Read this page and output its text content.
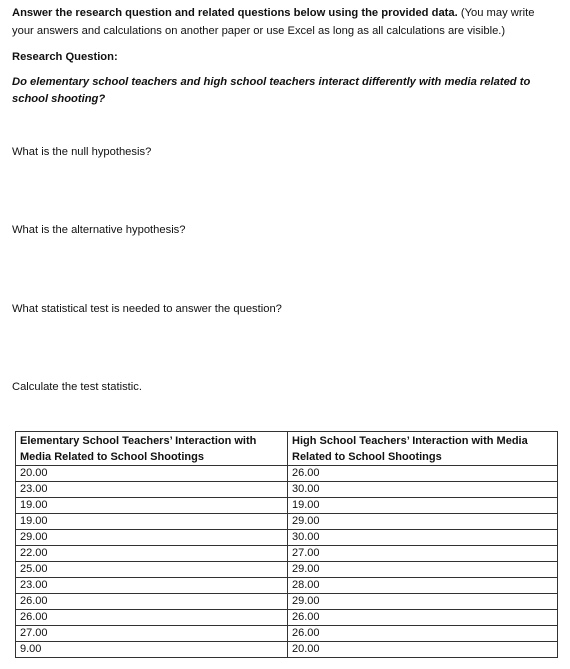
Answer the research question and related questions below using the provided data. (You may write your answers and calculations on another paper or use Excel as long as all calculations are visible.)
Research Question:
Do elementary school teachers and high school teachers interact differently with media related to school shooting?
What is the null hypothesis?
What is the alternative hypothesis?
What statistical test is needed to answer the question?
Calculate the test statistic.
Elementary School Teachers’ Interaction with Media Related to School Shootings	High School Teachers’ Interaction with Media Related to School Shootings
20.00	26.00
23.00	30.00
19.00	19.00
19.00	29.00
29.00	30.00
22.00	27.00
25.00	29.00
23.00	28.00
26.00	29.00
26.00	26.00
27.00	26.00
9.00	20.00
